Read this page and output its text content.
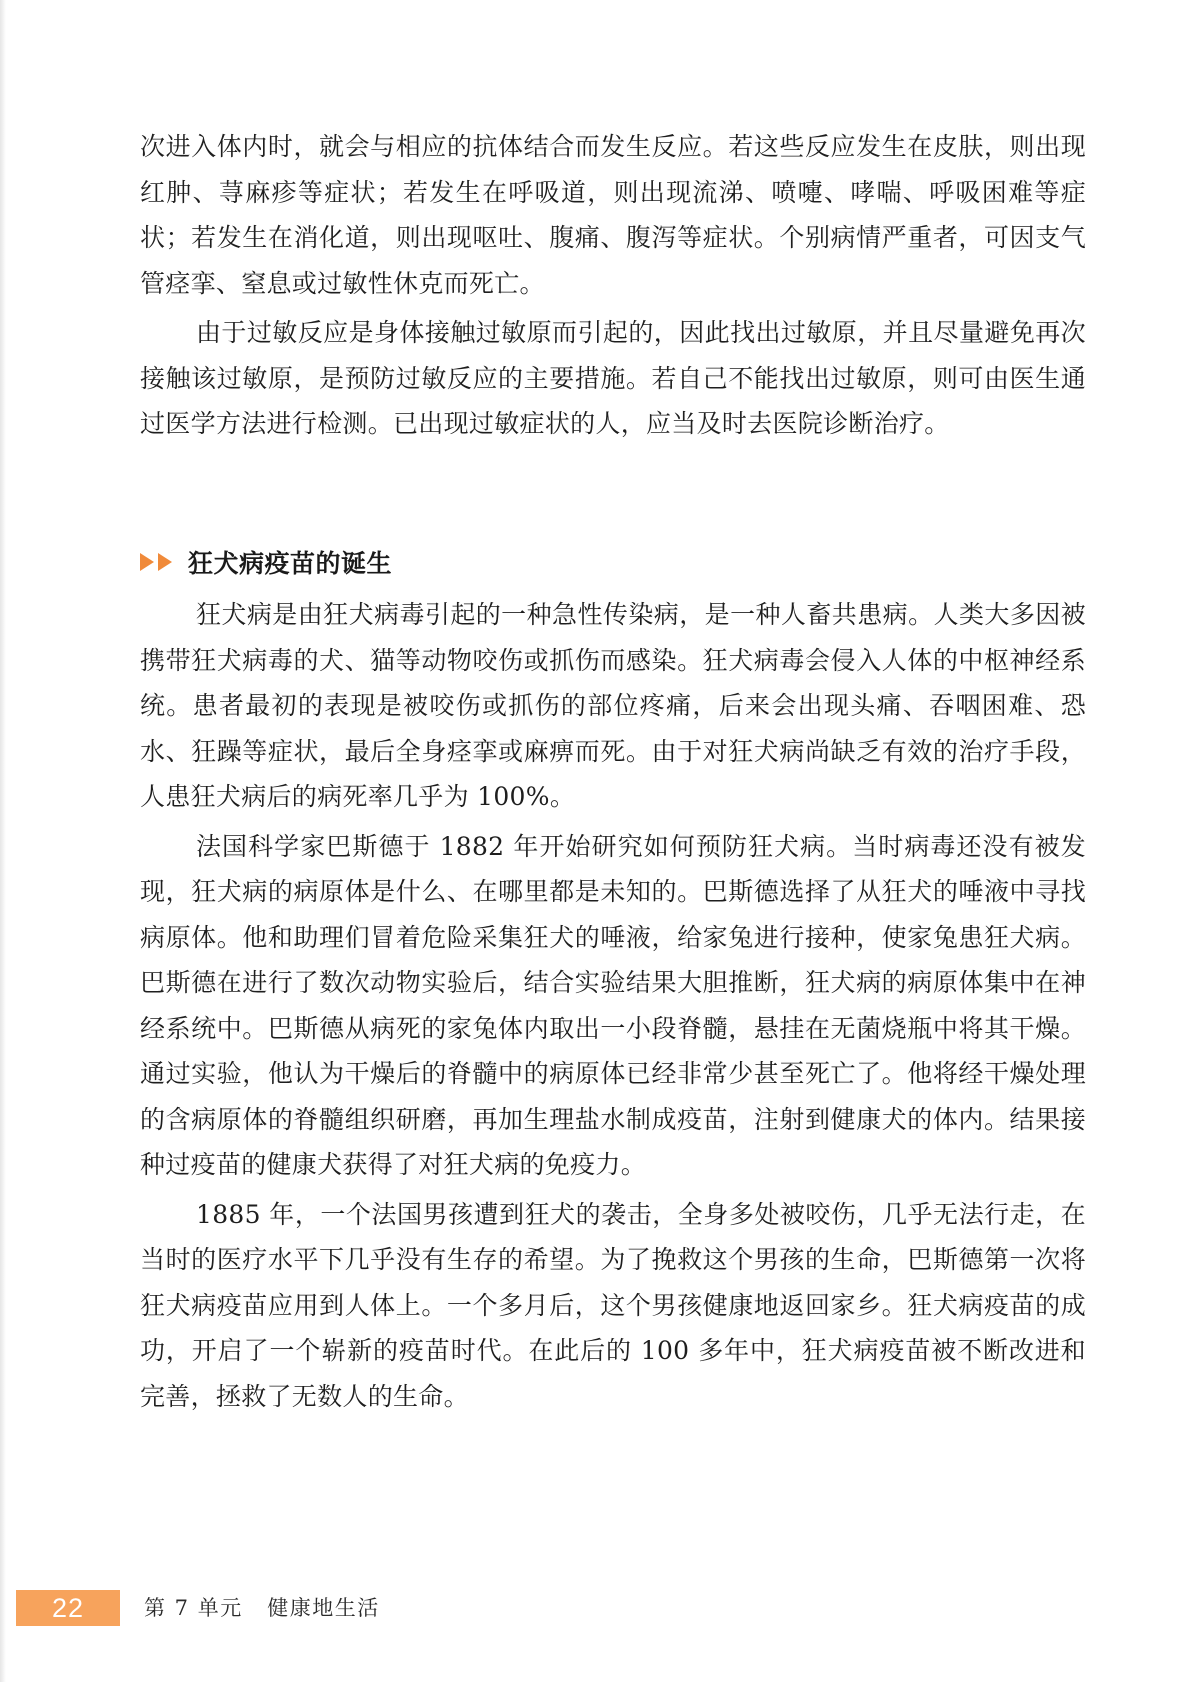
次进入体内时，就会与相应的抗体结合而发生反应。若这些反应发生在皮肤，则出现红肿、荨麻疹等症状；若发生在呼吸道，则出现流涕、喷嚏、哮喘、呼吸困难等症状；若发生在消化道，则出现呕吐、腹痛、腹泻等症状。个别病情严重者，可因支气管痉挛、窒息或过敏性休克而死亡。

由于过敏反应是身体接触过敏原而引起的，因此找出过敏原，并且尽量避免再次接触该过敏原，是预防过敏反应的主要措施。若自己不能找出过敏原，则可由医生通过医学方法进行检测。已出现过敏症状的人，应当及时去医院诊断治疗。

狂犬病疫苗的诞生

狂犬病是由狂犬病毒引起的一种急性传染病，是一种人畜共患病。人类大多因被携带狂犬病毒的犬、猫等动物咬伤或抓伤而感染。狂犬病毒会侵入人体的中枢神经系统。患者最初的表现是被咬伤或抓伤的部位疼痛，后来会出现头痛、吞咽困难、恐水、狂躁等症状，最后全身痉挛或麻痹而死。由于对狂犬病尚缺乏有效的治疗手段，人患狂犬病后的病死率几乎为 100%。

法国科学家巴斯德于 1882 年开始研究如何预防狂犬病。当时病毒还没有被发现，狂犬病的病原体是什么、在哪里都是未知的。巴斯德选择了从狂犬的唾液中寻找病原体。他和助理们冒着危险采集狂犬的唾液，给家兔进行接种，使家兔患狂犬病。巴斯德在进行了数次动物实验后，结合实验结果大胆推断，狂犬病的病原体集中在神经系统中。巴斯德从病死的家兔体内取出一小段脊髓，悬挂在无菌烧瓶中将其干燥。通过实验，他认为干燥后的脊髓中的病原体已经非常少甚至死亡了。他将经干燥处理的含病原体的脊髓组织研磨，再加生理盐水制成疫苗，注射到健康犬的体内。结果接种过疫苗的健康犬获得了对狂犬病的免疫力。

1885 年，一个法国男孩遭到狂犬的袭击，全身多处被咬伤，几乎无法行走，在当时的医疗水平下几乎没有生存的希望。为了挽救这个男孩的生命，巴斯德第一次将狂犬病疫苗应用到人体上。一个多月后，这个男孩健康地返回家乡。狂犬病疫苗的成功，开启了一个崭新的疫苗时代。在此后的 100 多年中，狂犬病疫苗被不断改进和完善，拯救了无数人的生命。

22	第 7 单元   健康地生活
